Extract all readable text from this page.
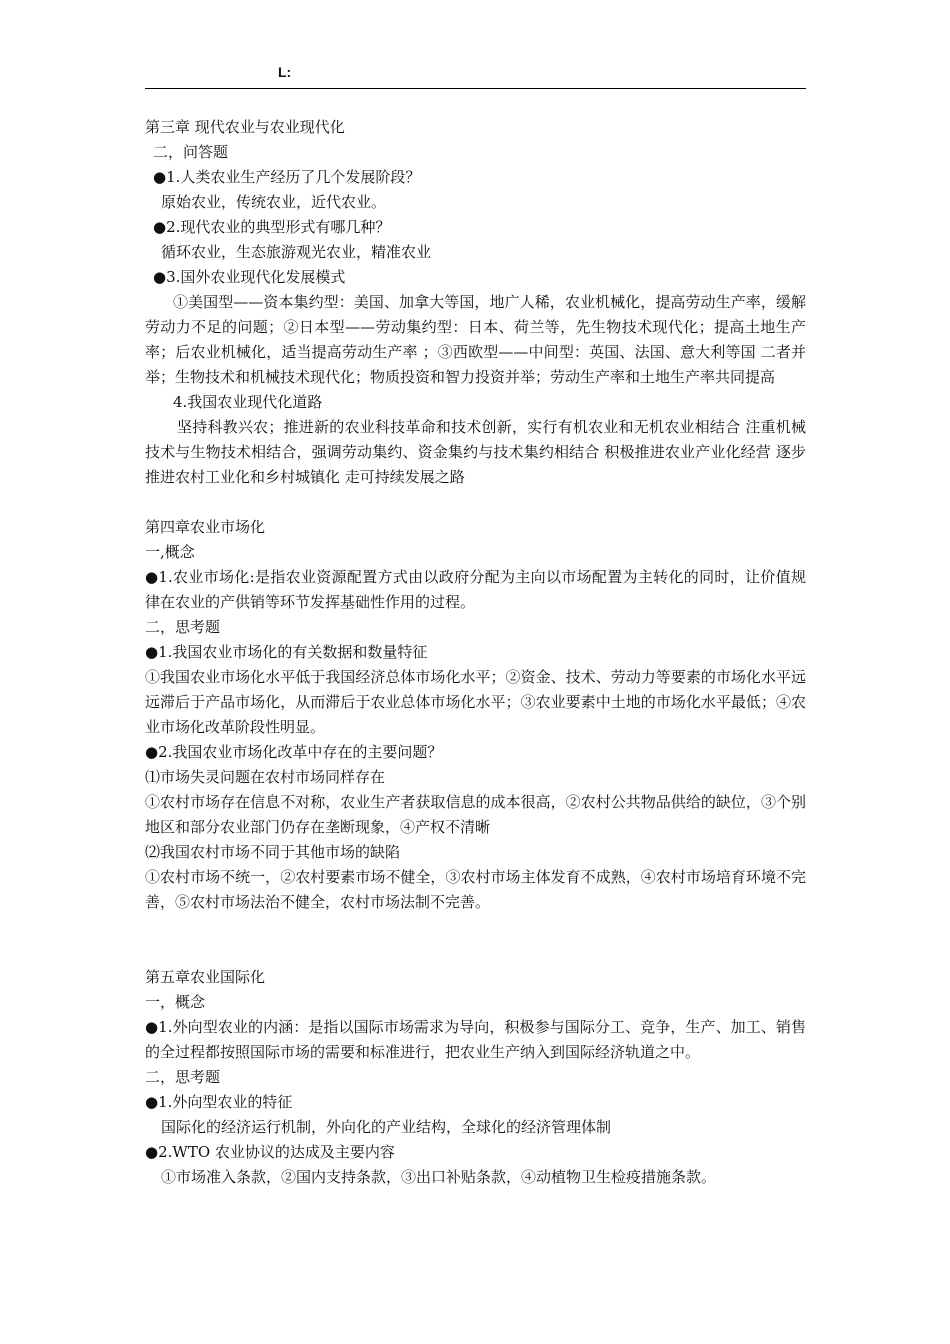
L:

第三章 现代农业与农业现代化

二，问答题

●1.人类农业生产经历了几个发展阶段？

原始农业，传统农业，近代农业。

●2.现代农业的典型形式有哪几种？

循环农业，生态旅游观光农业，精准农业

●3.国外农业现代化发展模式

①美国型——资本集约型：美国、加拿大等国，地广人稀，农业机械化，提高劳动生产率，缓解劳动力不足的问题；②日本型——劳动集约型：日本、荷兰等，先生物技术现代化；提高土地生产率；后农业机械化，适当提高劳动生产率 ；③西欧型——中间型：英国、法国、意大利等国 二者并举；生物技术和机械技术现代化；物质投资和智力投资并举；劳动生产率和土地生产率共同提高

4.我国农业现代化道路

坚持科教兴农；推进新的农业科技革命和技术创新，实行有机农业和无机农业相结合 注重机械技术与生物技术相结合，强调劳动集约、资金集约与技术集约相结合 积极推进农业产业化经营 逐步推进农村工业化和乡村城镇化 走可持续发展之路

第四章农业市场化

一,概念

●1.农业市场化:是指农业资源配置方式由以政府分配为主向以市场配置为主转化的同时，让价值规律在农业的产供销等环节发挥基础性作用的过程。

二，思考题

●1.我国农业市场化的有关数据和数量特征

①我国农业市场化水平低于我国经济总体市场化水平；②资金、技术、劳动力等要素的市场化水平远远滞后于产品市场化，从而滞后于农业总体市场化水平；③农业要素中土地的市场化水平最低；④农业市场化改革阶段性明显。

●2.我国农业市场化改革中存在的主要问题？

⑴市场失灵问题在农村市场同样存在

①农村市场存在信息不对称，农业生产者获取信息的成本很高，②农村公共物品供给的缺位，③个别地区和部分农业部门仍存在垄断现象，④产权不清晰

⑵我国农村市场不同于其他市场的缺陷

①农村市场不统一，②农村要素市场不健全，③农村市场主体发育不成熟，④农村市场培育环境不完善，⑤农村市场法治不健全，农村市场法制不完善。

第五章农业国际化

一，概念

●1.外向型农业的内涵：是指以国际市场需求为导向，积极参与国际分工、竞争，生产、加工、销售的全过程都按照国际市场的需要和标准进行，把农业生产纳入到国际经济轨道之中。

二，思考题

●1.外向型农业的特征

国际化的经济运行机制，外向化的产业结构，全球化的经济管理体制

●2.WTO 农业协议的达成及主要内容

①市场准入条款，②国内支持条款，③出口补贴条款，④动植物卫生检疫措施条款。
